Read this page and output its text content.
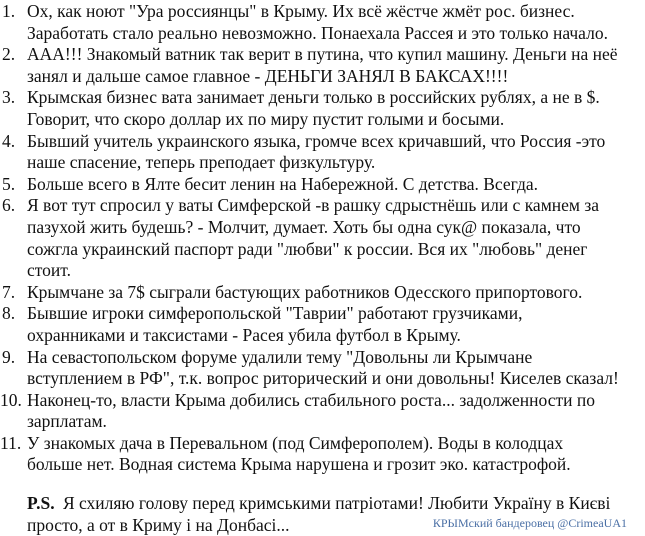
1. Ох, как ноют "Ура россиянцы" в Крыму. Их всё жёстче жмёт рос. бизнес.
Заработать стало реально невозможно. Понаехала Рассея и это только начало.
2. ААА!!! Знакомый ватник так верит в путина, что купил машину. Деньги на неё
занял и дальше самое главное - ДЕНЬГИ ЗАНЯЛ В БАКСАХ!!!!
3. Крымская бизнес вата занимает деньги только в российских рублях, а не в $.
Говорит, что скоро доллар их по миру пустит голыми и босыми.
4. Бывший учитель украинского языка, громче всех кричавший, что Россия -это
наше спасение, теперь преподает физкультуру.
5. Больше всего в Ялте бесит ленин на Набережной. С детства. Всегда.
6. Я вот тут спросил у ваты Симферской -в рашку сдрыстнёшь или с камнем за
пазухой жить будешь? - Молчит, думает. Хоть бы одна сук@ показала, что
сожгла украинский паспорт ради "любви" к россии. Вся их "любовь" денег
стоит.
7. Крымчане за 7$ сыграли бастующих работников Одесского припортового.
8. Бывшие игроки симферопольской "Таврии" работают грузчиками,
охранниками и таксистами - Расея убила футбол в Крыму.
9. На севастопольском форуме удалили тему "Довольны ли Крымчане
вступлением в РФ", т.к. вопрос риторический и они довольны! Киселев сказал!
10. Наконец-то, власти Крыма добились стабильного роста... задолженности по
зарплатам.
11. У знакомых дача в Перевальном (под Симферополем). Воды в колодцах
больше нет. Водная система Крыма нарушена и грозит эко. катастрофой.
P.S. Я схиляю голову перед кримськими патріотами! Любити Україну в Києві
просто, а от в Криму і на Донбасі...	КРЫМский бандеровец @CrimeaUA1
